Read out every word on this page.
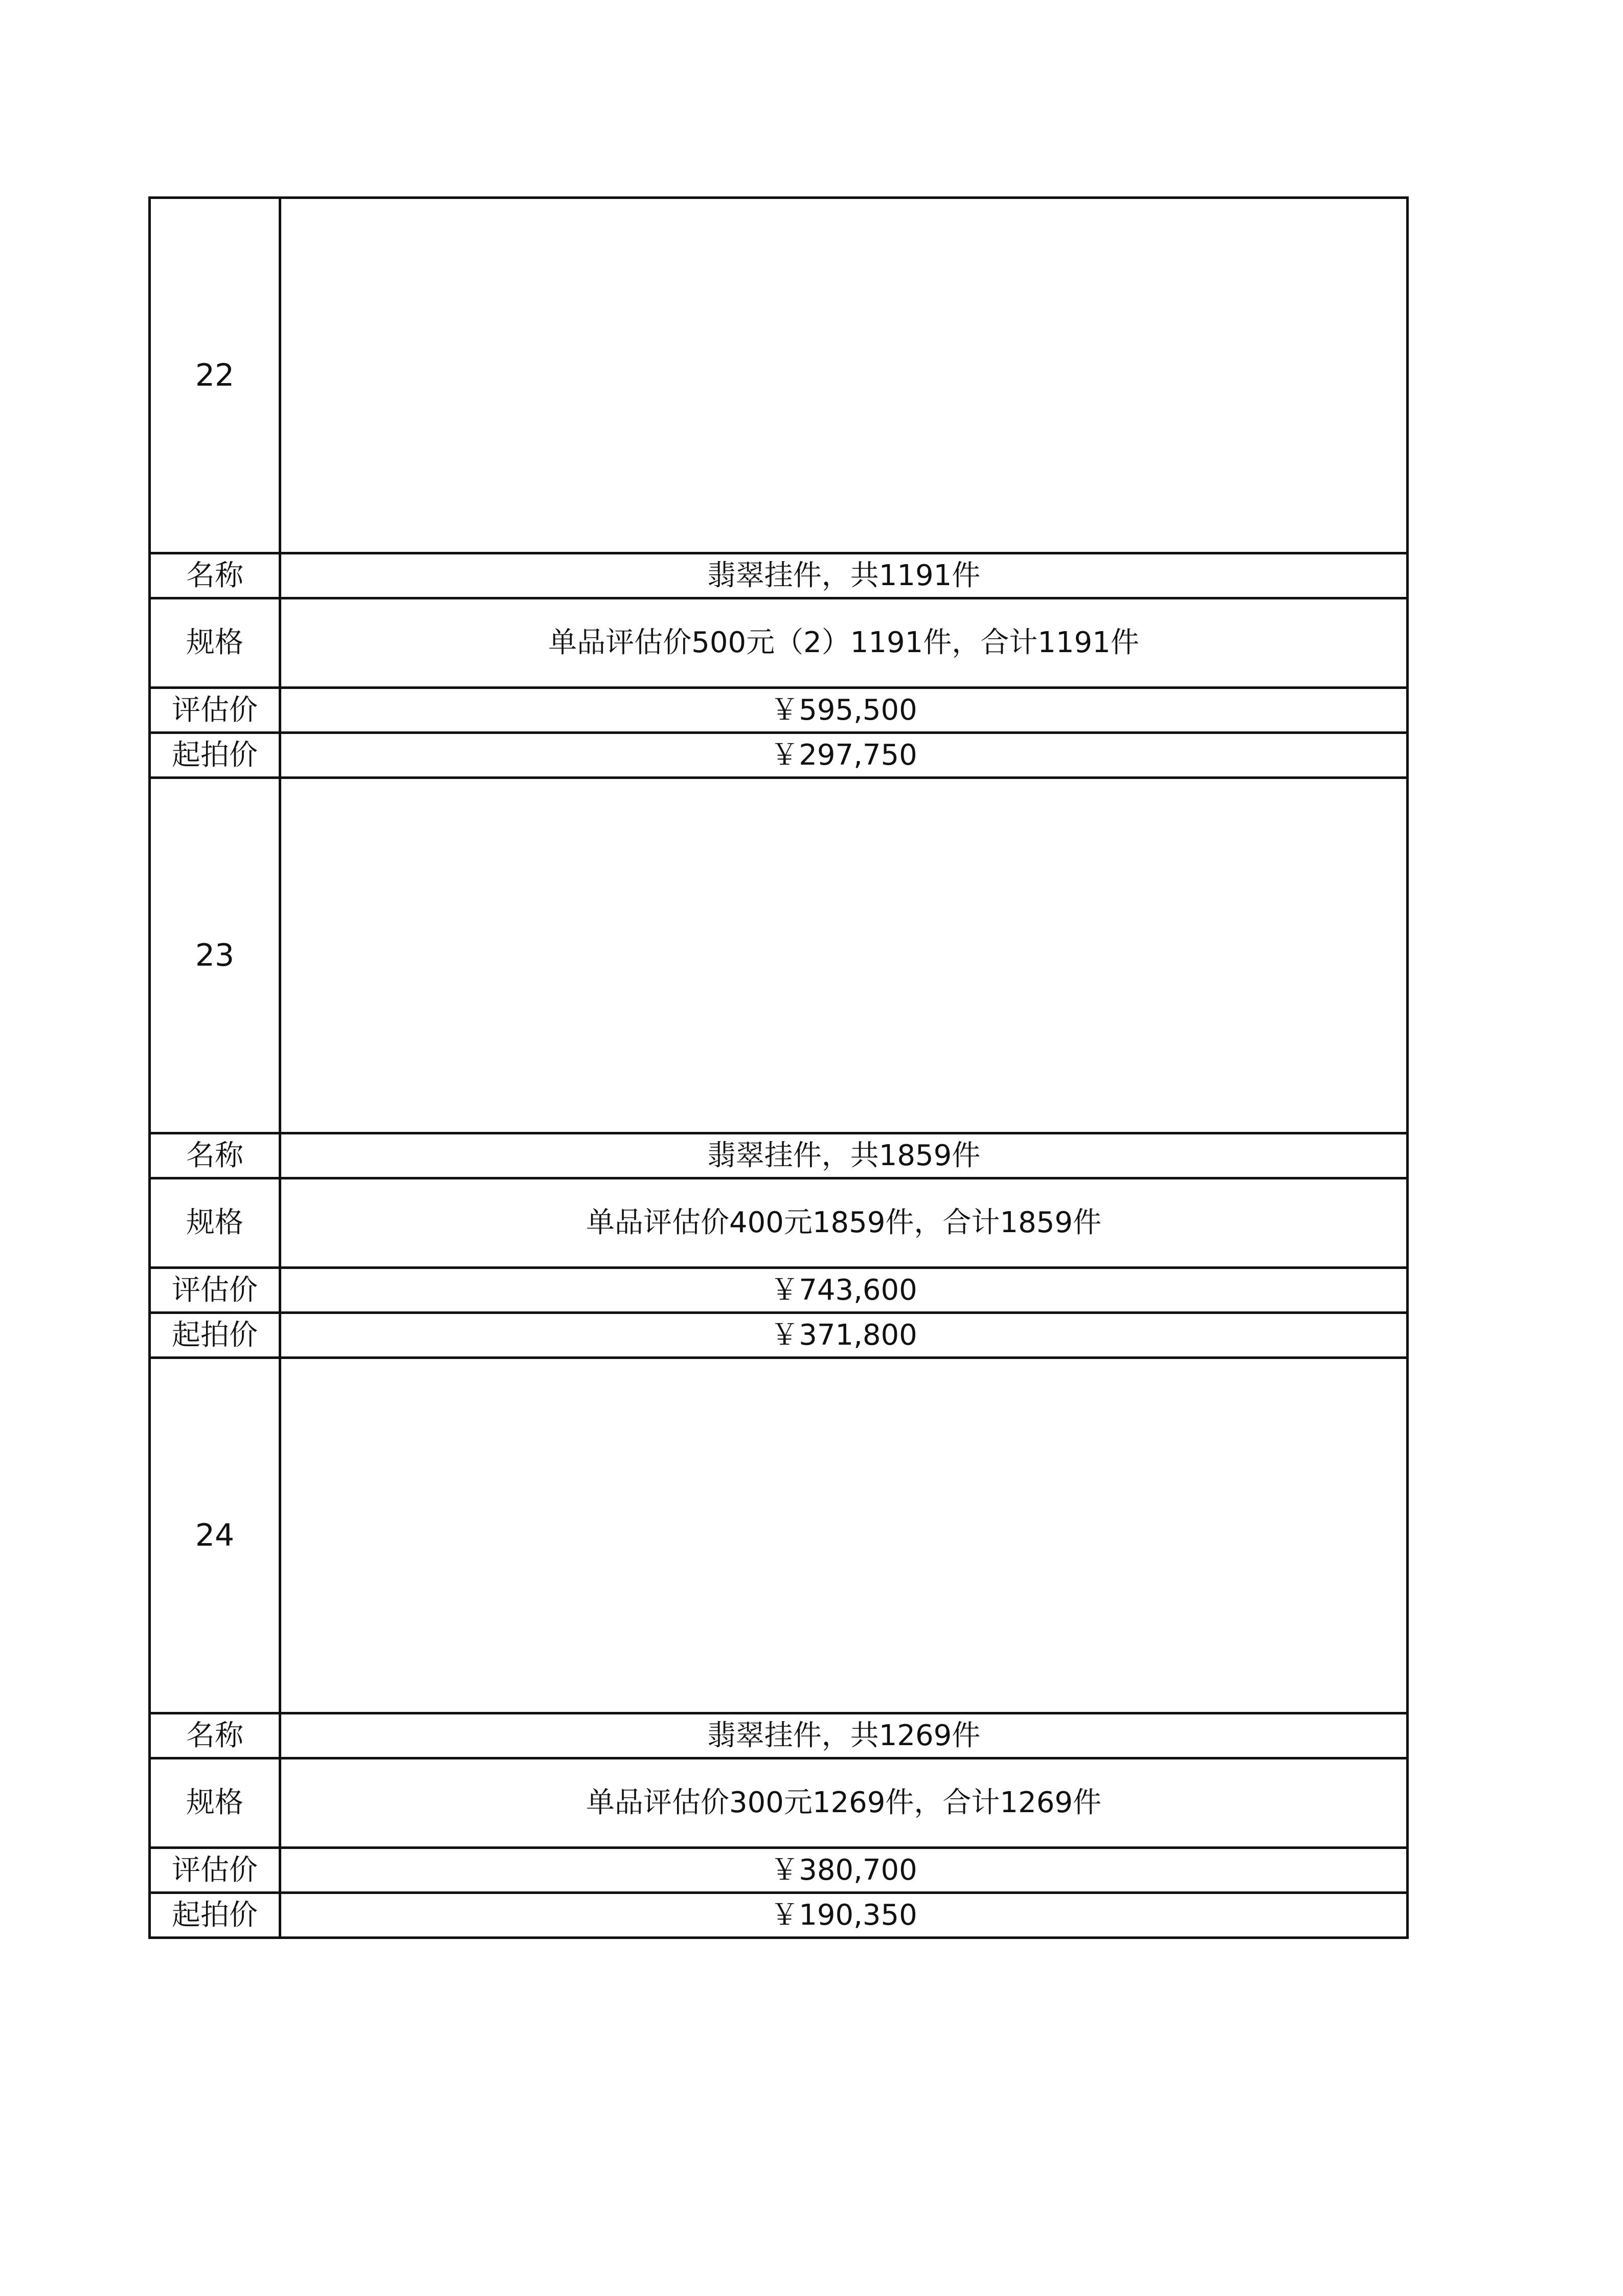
22	

名称	翡翠挂件，共1191件
规格	单品评估价500元（2）1191件，合计1191件
评估价	￥595,500
起拍价	￥297,750
23	

名称	翡翠挂件，共1859件
规格	单品评估价400元1859件，合计1859件
评估价	￥743,600
起拍价	￥371,800
24	

名称	翡翠挂件，共1269件
规格	单品评估价300元1269件，合计1269件
评估价	￥380,700
起拍价	￥190,350
